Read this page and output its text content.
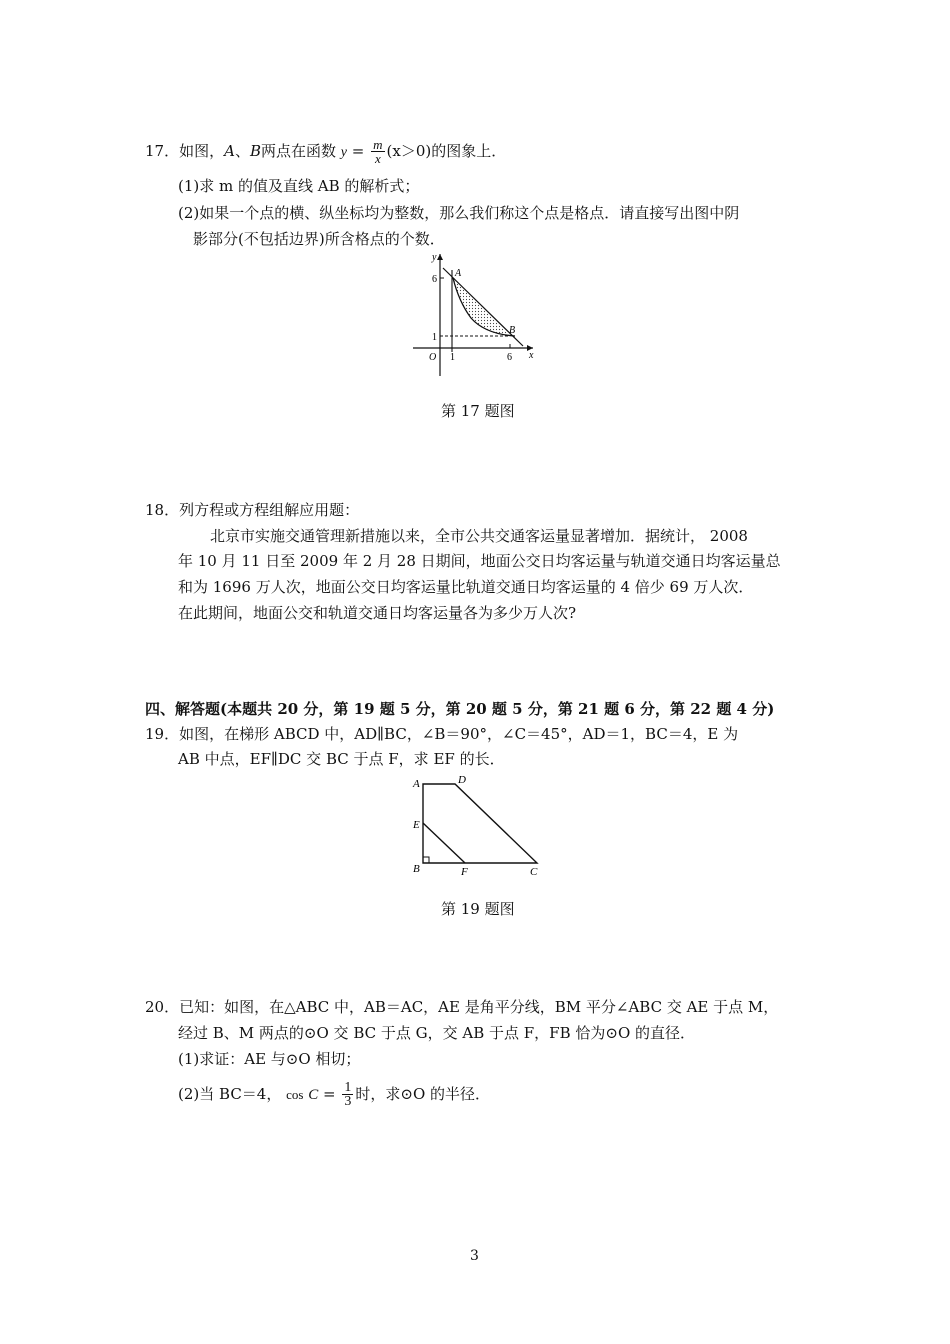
17．如图，A、B两点在函数 $y = \frac{m}{x} (x>0)$的图象上．
(1)求 m 的值及直线 AB 的解析式；
(2)如果一个点的横、纵坐标均为整数，那么我们称这个点是格点．请直接写出图中阴
影部分(不包括边界)所含格点的个数．
y
x
O 1	6
1
6
A
B
第 17 题图
18．列方程或方程组解应用题：
北京市实施交通管理新措施以来，全市公共交通客运量显著增加．据统计， 2008
年 10 月 11 日至 2009 年 2 月 28 日期间，地面公交日均客运量与轨道交通日均客运量总
和为 1696 万人次，地面公交日均客运量比轨道交通日均客运量的 4 倍少 69 万人次．
在此期间，地面公交和轨道交通日均客运量各为多少万人次?
四、解答题(本题共 20 分，第 19 题 5 分，第 20 题 5 分，第 21 题 6 分，第 22 题 4 分)
19．如图，在梯形 ABCD 中，AD∥BC，∠B＝90°，∠C＝45°，AD＝1，BC＝4，E 为
AB 中点，EF∥DC 交 BC 于点 F，求 EF 的长．
A	D
E
B	F	C
第 19 题图
20．已知：如图，在△ABC 中，AB＝AC，AE 是角平分线，BM 平分∠ABC 交 AE 于点 M，
经过 B、M 两点的⊙O 交 BC 于点 G，交 AB 于点 F，FB 恰为⊙O 的直径．
(1)求证：AE 与⊙O 相切；
(2)当 BC＝4， $\cos C = \frac{1}{3}$ 时，求⊙O 的半径．
3
